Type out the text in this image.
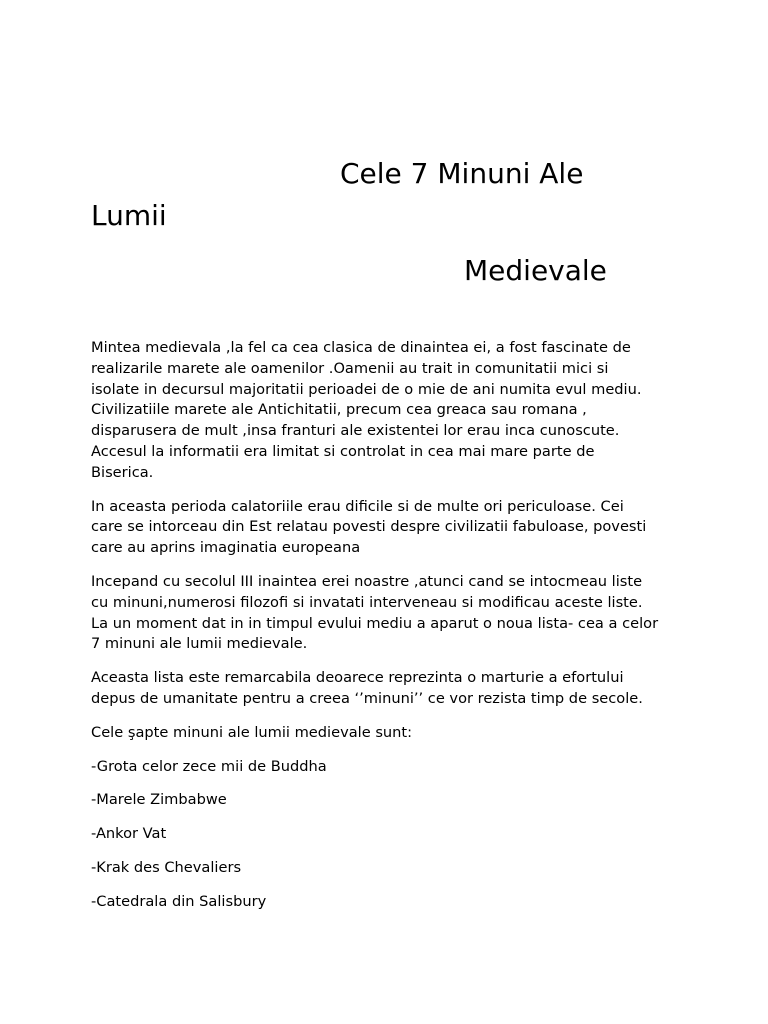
Cele 7 Minuni Ale
Lumii
Medievale

Mintea medievala ,la fel ca cea clasica de dinaintea ei, a fost fascinate de
realizarile marete ale oamenilor .Oamenii au trait in comunitatii mici si
isolate in decursul majoritatii perioadei de o mie de ani numita evul mediu.
Civilizatiile marete ale Antichitatii, precum cea greaca sau romana ,
disparusera de mult ,insa franturi ale existentei lor erau inca cunoscute.
Accesul la informatii era limitat si controlat in cea mai mare parte de
Biserica.

In aceasta perioda calatoriile erau dificile si de multe ori periculoase. Cei
care se intorceau din Est relatau povesti despre civilizatii fabuloase, povesti
care au aprins imaginatia europeana

Incepand cu secolul III inaintea erei noastre ,atunci cand se intocmeau liste
cu minuni,numerosi filozofi si invatati interveneau si modificau aceste liste.
La un moment dat in in timpul evului mediu a aparut o noua lista- cea a celor
7 minuni ale lumii medievale.

Aceasta lista este remarcabila deoarece reprezinta o marturie a efortului
depus de umanitate pentru a creea ‘’minuni’’ ce vor rezista timp de secole.

Cele şapte minuni ale lumii medievale sunt:

-Grota celor zece mii de Buddha

-Marele Zimbabwe

-Ankor Vat

-Krak des Chevaliers

-Catedrala din Salisbury
